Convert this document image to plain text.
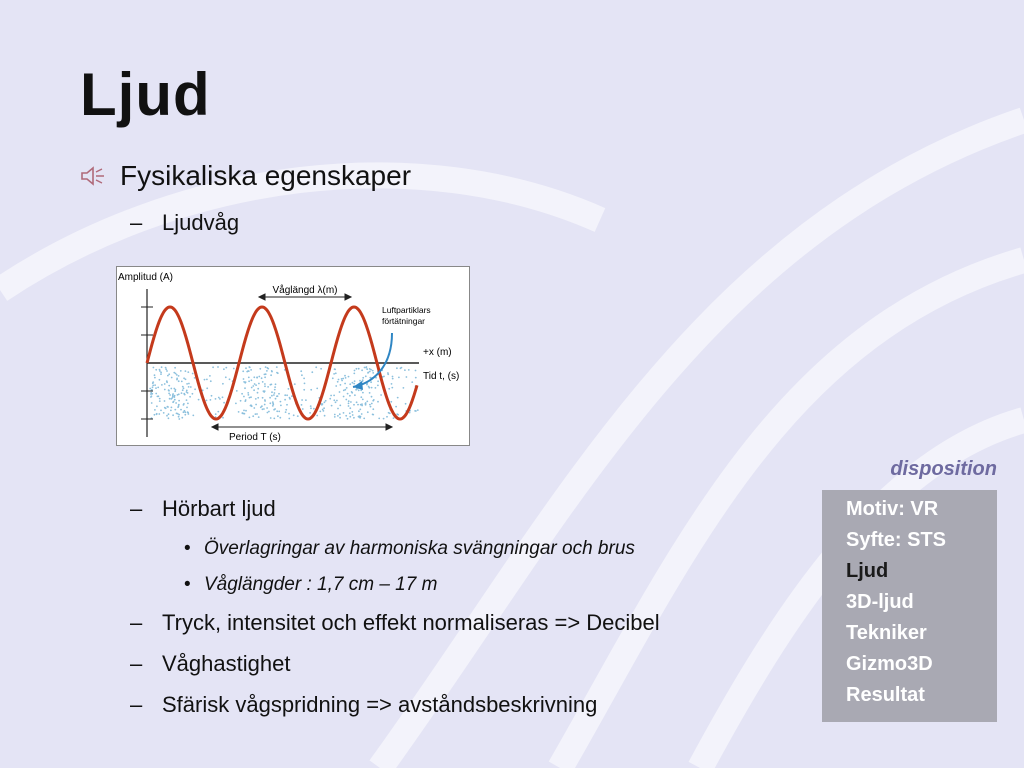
Ljud
Fysikaliska egenskaper
– Ljudvåg
Amplitud (A)
Våglängd λ(m)
Luftpartiklars
förtätningar
+x (m)
Tid t, (s)
Period T (s)
– Hörbart ljud
• Överlagringar av harmoniska svängningar och brus
• Våglängder : 1,7 cm – 17 m
– Tryck, intensitet och effekt normaliseras => Decibel
– Våghastighet
– Sfärisk vågspridning => avståndsbeskrivning
disposition
Motiv: VR
Syfte: STS
Ljud
3D-ljud
Tekniker
Gizmo3D
Resultat
